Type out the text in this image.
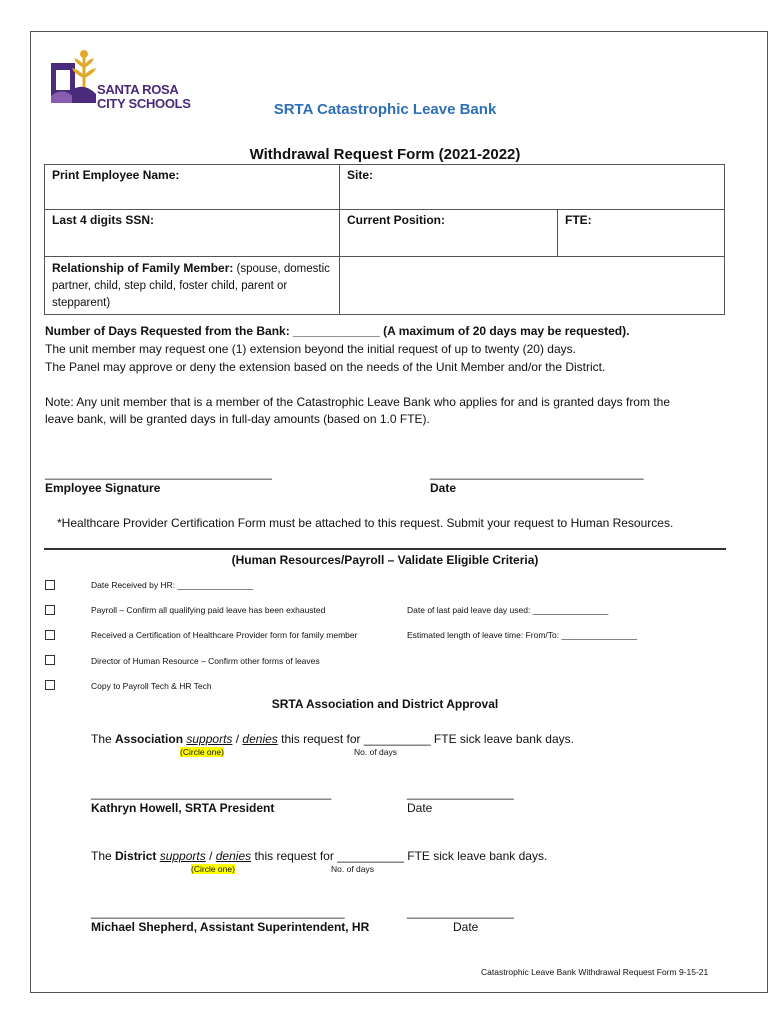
SANTA ROSA
CITY SCHOOLS	SRTA Catastrophic Leave Bank
Withdrawal Request Form (2021-2022)
Print Employee Name:	Site:	
Last 4 digits SSN:	Current Position:	FTE:
Relationship of Family Member: (spouse, domestic partner, child, step child, foster child, parent or stepparent)		
Number of Days Requested from the Bank: _____________ (A maximum of 20 days may be requested).
The unit member may request one (1) extension beyond the initial request of up to twenty (20) days.
The Panel may approve or deny the extension based on the needs of the Unit Member and/or the District.
Note: Any unit member that is a member of the Catastrophic Leave Bank who applies for and is granted days from the
leave bank, will be granted days in full-day amounts (based on 1.0 FTE).
__________________________________
Employee Signature
________________________________
Date
*Healthcare Provider Certification Form must be attached to this request. Submit your request to Human Resources.
(Human Resources/Payroll – Validate Eligible Criteria)
Date Received by HR: ________________
Payroll – Confirm all qualifying paid leave has been exhausted	Date of last paid leave day used: ________________
Received a Certification of Healthcare Provider form for family member	Estimated length of leave time: From/To: ________________
Director of Human Resource – Confirm other forms of leaves
Copy to Payroll Tech & HR Tech
SRTA Association and District Approval
The Association supports / denies this request for __________ FTE sick leave bank days.
(Circle one)	No. of days
____________________________________	________________
Kathryn Howell, SRTA President	Date
The District supports / denies this request for __________ FTE sick leave bank days.
(Circle one)	No. of days
______________________________________	________________
Michael Shepherd, Assistant Superintendent, HR	Date
Catastrophic Leave Bank Withdrawal Request Form 9-15-21
